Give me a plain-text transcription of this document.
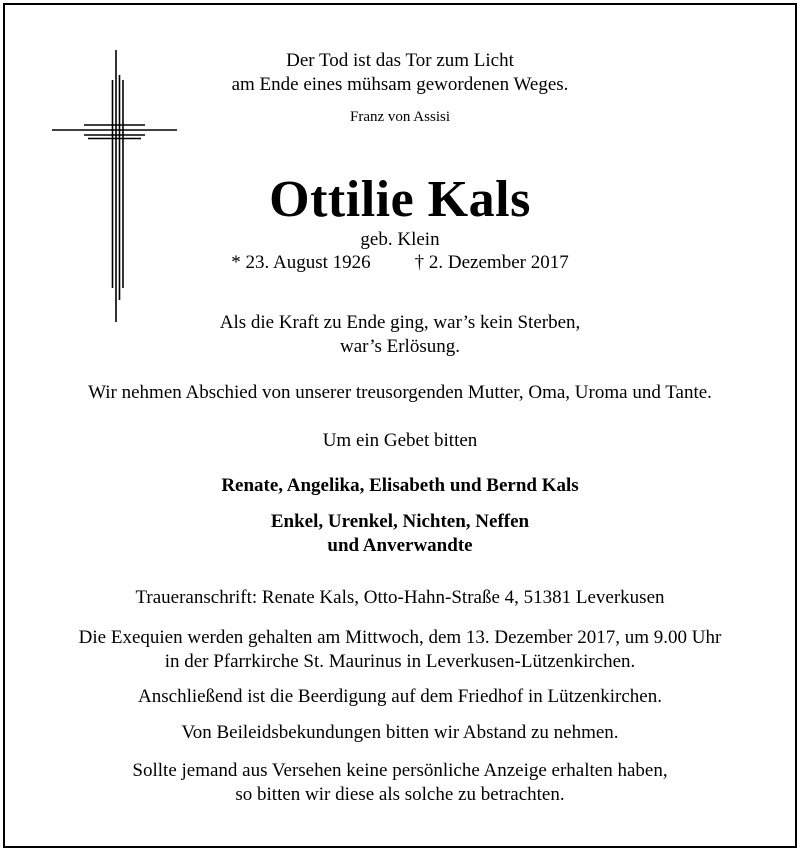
Der Tod ist das Tor zum Licht
am Ende eines mühsam gewordenen Weges.
Franz von Assisi
Ottilie Kals
geb. Klein
* 23. August 1926 † 2. Dezember 2017
Als die Kraft zu Ende ging, war’s kein Sterben,
war’s Erlösung.
Wir nehmen Abschied von unserer treusorgenden Mutter, Oma, Uroma und Tante.
Um ein Gebet bitten
Renate, Angelika, Elisabeth und Bernd Kals
Enkel, Urenkel, Nichten, Neffen
und Anverwandte
Traueranschrift: Renate Kals, Otto-Hahn-Straße 4, 51381 Leverkusen
Die Exequien werden gehalten am Mittwoch, dem 13. Dezember 2017, um 9.00 Uhr
in der Pfarrkirche St. Maurinus in Leverkusen-Lützenkirchen.
Anschließend ist die Beerdigung auf dem Friedhof in Lützenkirchen.
Von Beileidsbekundungen bitten wir Abstand zu nehmen.
Sollte jemand aus Versehen keine persönliche Anzeige erhalten haben,
so bitten wir diese als solche zu betrachten.
